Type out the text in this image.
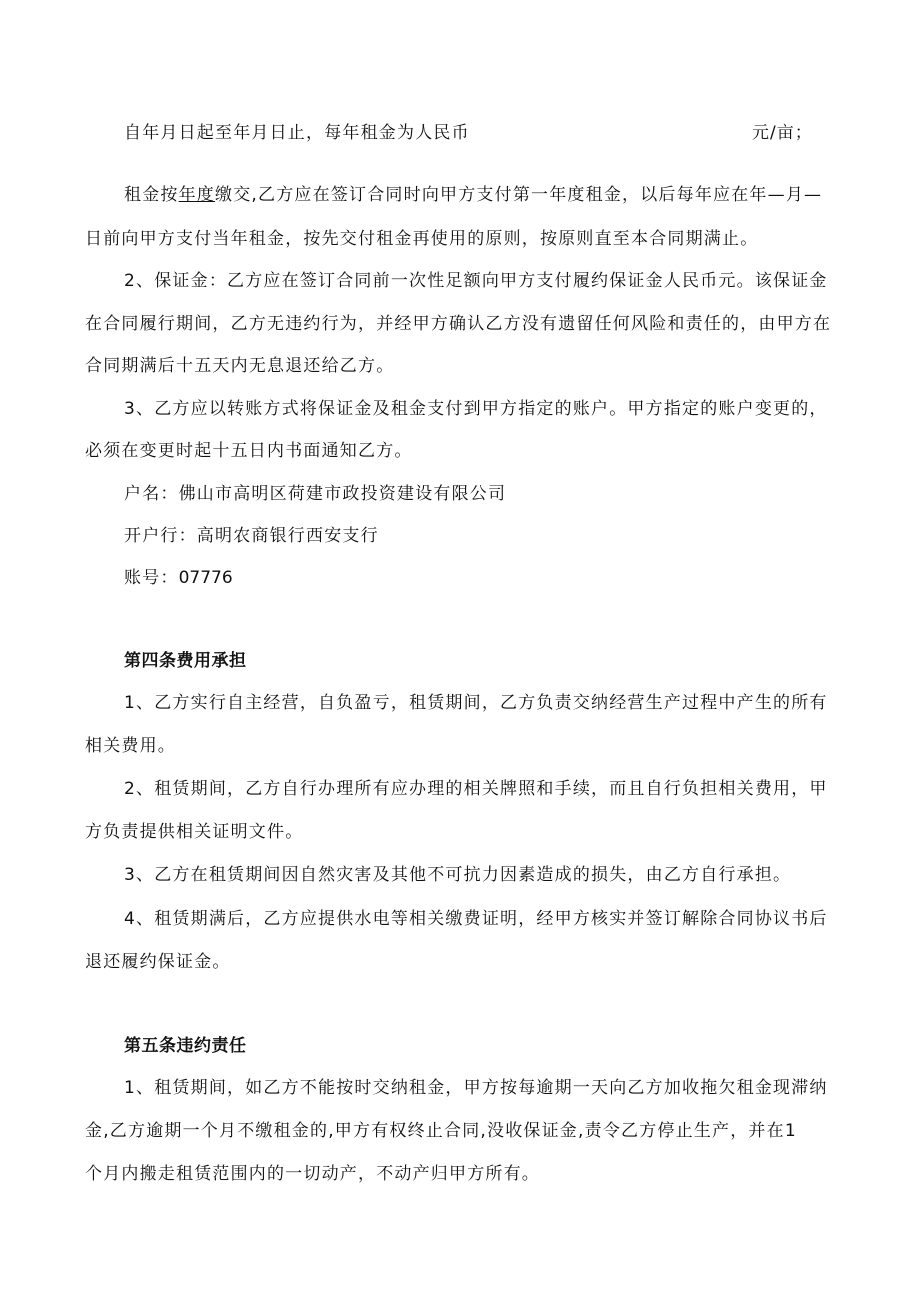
自年月日起至年月日止，每年租金为人民币	元/亩；
租金按年度缴交,乙方应在签订合同时向甲方支付第一年度租金，以后每年应在年—月—
日前向甲方支付当年租金，按先交付租金再使用的原则，按原则直至本合同期满止。
2、保证金：乙方应在签订合同前一次性足额向甲方支付履约保证金人民币元。该保证金
在合同履行期间，乙方无违约行为，并经甲方确认乙方没有遗留任何风险和责任的，由甲方在
合同期满后十五天内无息退还给乙方。
3、乙方应以转账方式将保证金及租金支付到甲方指定的账户。甲方指定的账户变更的，
必须在变更时起十五日内书面通知乙方。
户名：佛山市高明区荷建市政投资建设有限公司
开户行：高明农商银行西安支行
账号：07776
第四条费用承担
1、乙方实行自主经营，自负盈亏，租赁期间，乙方负责交纳经营生产过程中产生的所有
相关费用。
2、租赁期间，乙方自行办理所有应办理的相关牌照和手续，而且自行负担相关费用，甲
方负责提供相关证明文件。
3、乙方在租赁期间因自然灾害及其他不可抗力因素造成的损失，由乙方自行承担。
4、租赁期满后，乙方应提供水电等相关缴费证明，经甲方核实并签订解除合同协议书后
退还履约保证金。
第五条违约责任
1、租赁期间，如乙方不能按时交纳租金，甲方按每逾期一天向乙方加收拖欠租金现滞纳
金,乙方逾期一个月不缴租金的,甲方有权终止合同,没收保证金,责令乙方停止生产，并在1
个月内搬走租赁范围内的一切动产，不动产归甲方所有。
